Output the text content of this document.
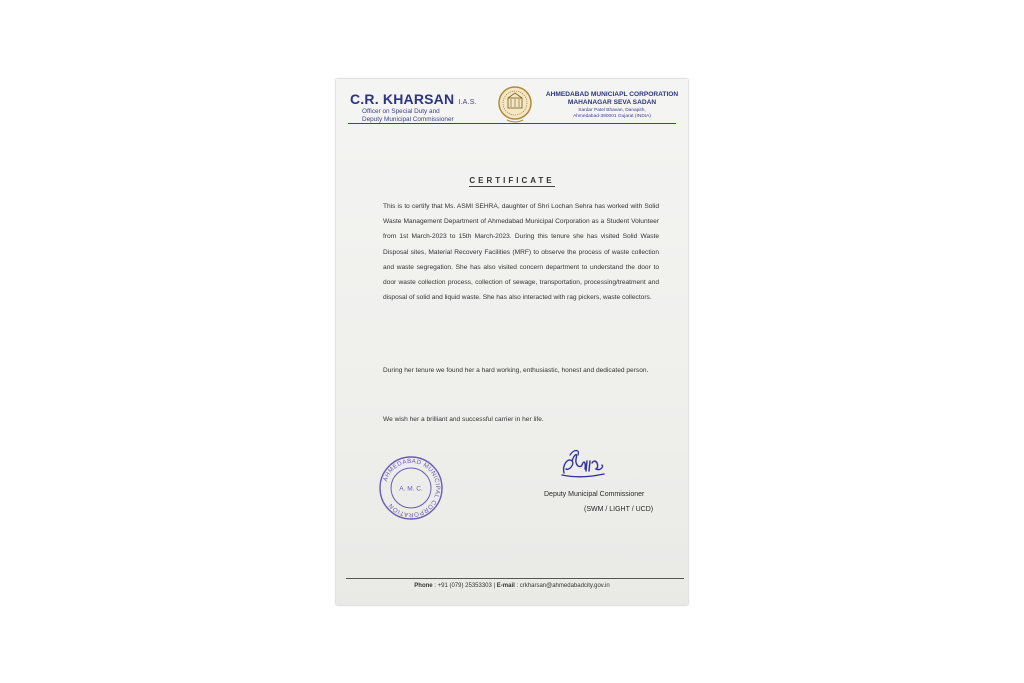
C.R. KHARSAN I.A.S.
Officer on Special Duty and
Deputy Municipal Commissioner
AHMEDABAD MUNICIAPL CORPORATION
MAHANAGAR SEVA SADAN
Sardar Patel Bhavan, Danapith,
Ahmedabad-380001 Gujarat (INDIA)
CERTIFICATE
This is to certify that Ms. ASMI SEHRA, daughter of Shri Lochan Sehra has worked with Solid Waste Management Department of Ahmedabad Municipal Corporation as a Student Volunteer from 1st March-2023 to 15th March-2023. During this tenure she has visited Solid Waste Disposal sites, Material Recovery Facilities (MRF) to observe the process of waste collection and waste segregation. She has also visited concern department to understand the door to door waste collection process, collection of sewage, transportation, processing/treatment and disposal of solid and liquid waste. She has also interacted with rag pickers, waste collectors.
During her tenure we found her a hard working, enthusiastic, honest and dedicated person.
We wish her a brilliant and successful carrier in her life.
AHMEDABAD MUNICIPAL CORPORATION
A. M. C.
Deputy Municipal Commissioner
(SWM / LIGHT / UCD)
Phone : +91 (079) 25353303 | E-mail : crkharsan@ahmedabadcity.gov.in
